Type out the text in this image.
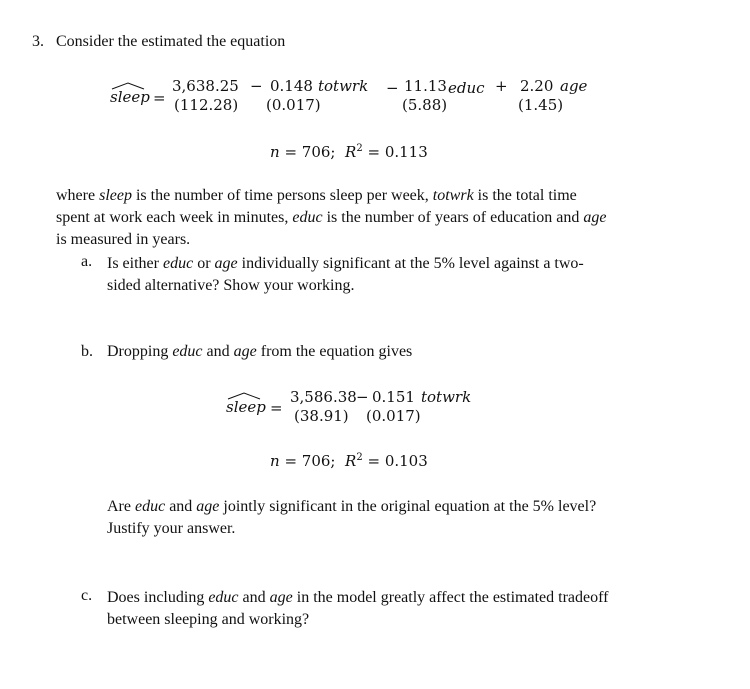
3. Consider the estimated the equation
sleep =
3,638.25
(112.28)
− 0.148 totwrk
(0.017)
− 11.13 educ
(5.88)
+ 2.20 age
(1.45)
n = 706; $R^2 = 0.113$
where sleep is the number of time persons sleep per week, totwrk is the total time
spent at work each week in minutes, educ is the number of years of education and age
is measured in years.
a. Is either educ or age individually significant at the 5% level against a two-
sided alternative? Show your working.
b. Dropping educ and age from the equation gives
sleep =
3,586.38 − 0.151 totwrk
(38.91) (0.017)
n = 706; $R^2 = 0.103$
Are educ and age jointly significant in the original equation at the 5% level?
Justify your answer.
c. Does including educ and age in the model greatly affect the estimated tradeoff
between sleeping and working?
